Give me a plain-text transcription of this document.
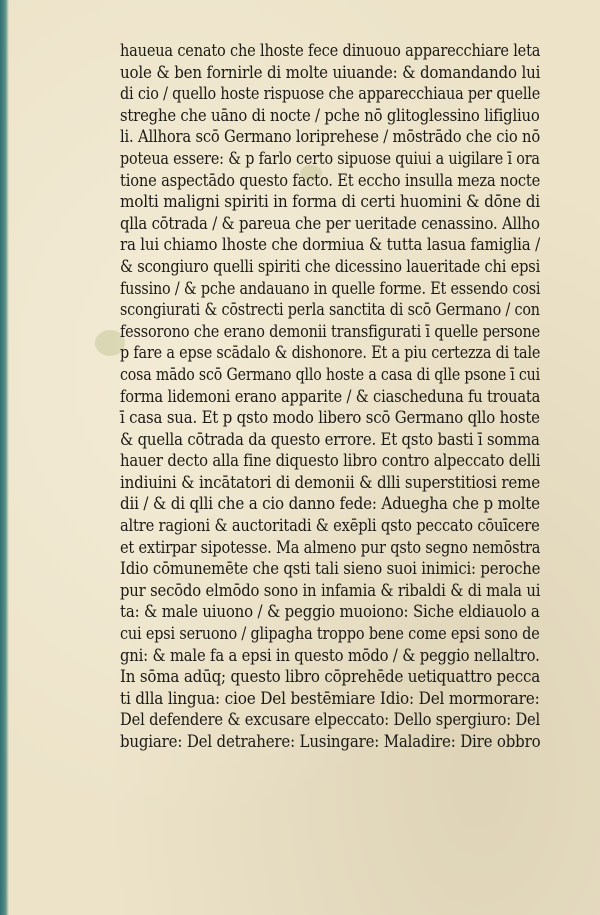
haueua cenato che lhoste fece dinuouo apparecchiare leta
uole & ben fornirle di molte uiuande: & domandando lui
di cio / quello hoste rispuose che apparecchiaua per quelle
streghe che uāno di nocte / pche nō glitoglessino lifigliuo
li. Allhora scō Germano loriprehese / mōstrādo che cio nō
poteua essere: & p farlo certo sipuose quiui a uigilare ī ora
tione aspectādo questo facto. Et eccho insulla meza nocte
molti maligni spiriti in forma di certi huomini & dōne di
qlla cōtrada / & pareua che per ueritade cenassino. Allho
ra lui chiamo lhoste che dormiua & tutta lasua famiglia /
& scongiuro quelli spiriti che dicessino laueritade chi epsi
fussino / & pche andauano in quelle forme. Et essendo cosi
scongiurati & cōstrecti perla sanctita di scō Germano / con
fessorono che erano demonii transfigurati ī quelle persone
p fare a epse scādalo & dishonore. Et a piu certezza di tale
cosa mādo scō Germano qllo hoste a casa di qlle psone ī cui
forma lidemoni erano apparite / & ciascheduna fu trouata
ī casa sua. Et p qsto modo libero scō Germano qllo hoste
& quella cōtrada da questo errore. Et qsto basti ī somma
hauer decto alla fine diquesto libro contro alpeccato delli
indiuini & incātatori di demonii & dlli superstitiosi reme
dii / & di qlli che a cio danno fede: Aduegha che p molte
altre ragioni & auctoritadi & exēpli qsto peccato cōuīcere
et extirpar sipotesse. Ma almeno pur qsto segno nemōstra
Idio cōmunemēte che qsti tali sieno suoi inimici: peroche
pur secōdo elmōdo sono in infamia & ribaldi & di mala ui
ta: & male uiuono / & peggio muoiono: Siche eldiauolo a
cui epsi seruono / glipagha troppo bene come epsi sono de
gni: & male fa a epsi in questo mōdo / & peggio nellaltro.
In sōma adūq; questo libro cōprehēde uetiquattro pecca
ti dlla lingua: cioe Del bestēmiare Idio: Del mormorare:
Del defendere & excusare elpeccato: Dello spergiuro: Del
bugiare: Del detrahere: Lusingare: Maladire: Dire obbro
